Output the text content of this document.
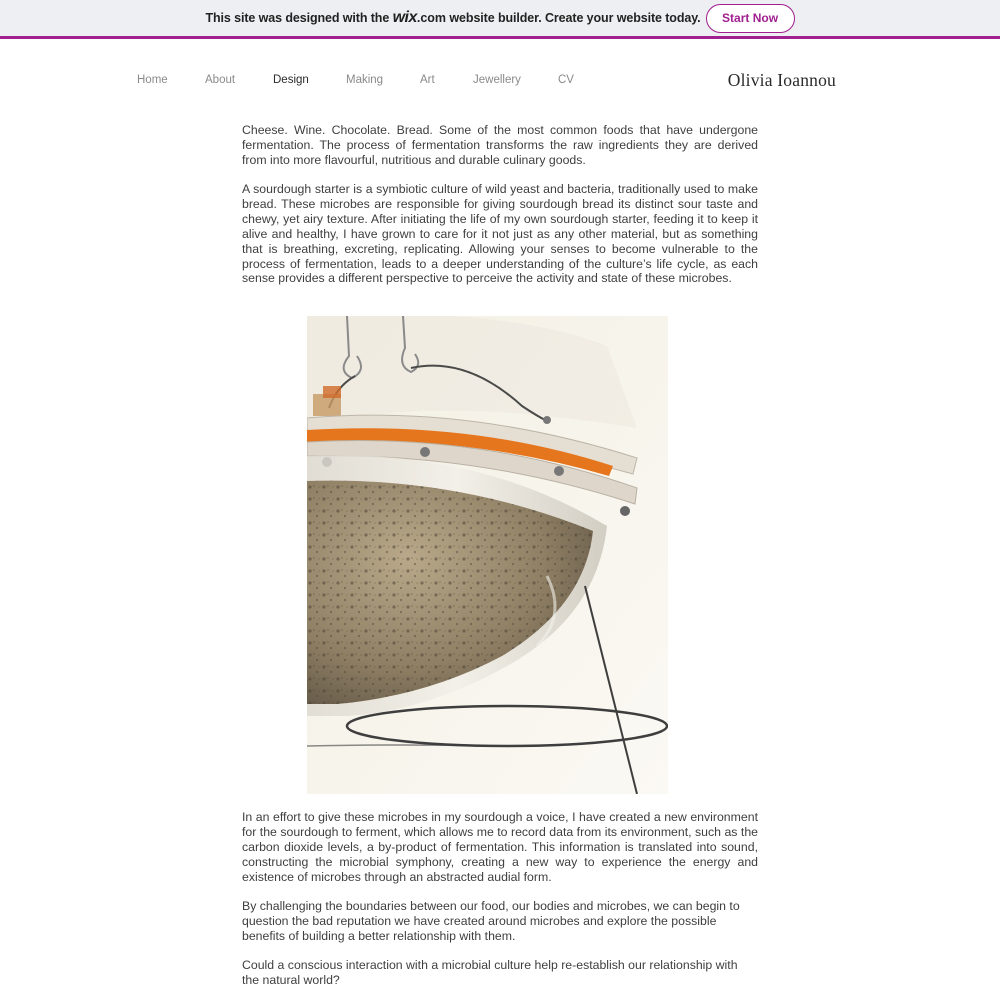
This site was designed with the wix.com website builder. Create your website today.	Start Now
Home	About	Design	Making	Art	Jewellery	CV	Olivia Ioannou

Cheese. Wine. Chocolate. Bread. Some of the most common foods that have undergone fermentation. The process of fermentation transforms the raw ingredients they are derived from into more flavourful, nutritious and durable culinary goods.

A sourdough starter is a symbiotic culture of wild yeast and bacteria, traditionally used to make bread. These microbes are responsible for giving sourdough bread its distinct sour taste and chewy, yet airy texture. After initiating the life of my own sourdough starter, feeding it to keep it alive and healthy, I have grown to care for it not just as any other material, but as something that is breathing, excreting, replicating. Allowing your senses to become vulnerable to the process of fermentation, leads to a deeper understanding of the culture’s life cycle, as each sense provides a different perspective to perceive the activity and state of these microbes.

In an effort to give these microbes in my sourdough a voice, I have created a new environment for the sourdough to ferment, which allows me to record data from its environment, such as the carbon dioxide levels, a by-product of fermentation. This information is translated into sound, constructing the microbial symphony, creating a new way to experience the energy and existence of microbes through an abstracted audial form.

By challenging the boundaries between our food, our bodies and microbes, we can begin to question the bad reputation we have created around microbes and explore the possible benefits of building a better relationship with them.

Could a conscious interaction with a microbial culture help re-establish our relationship with the natural world?
